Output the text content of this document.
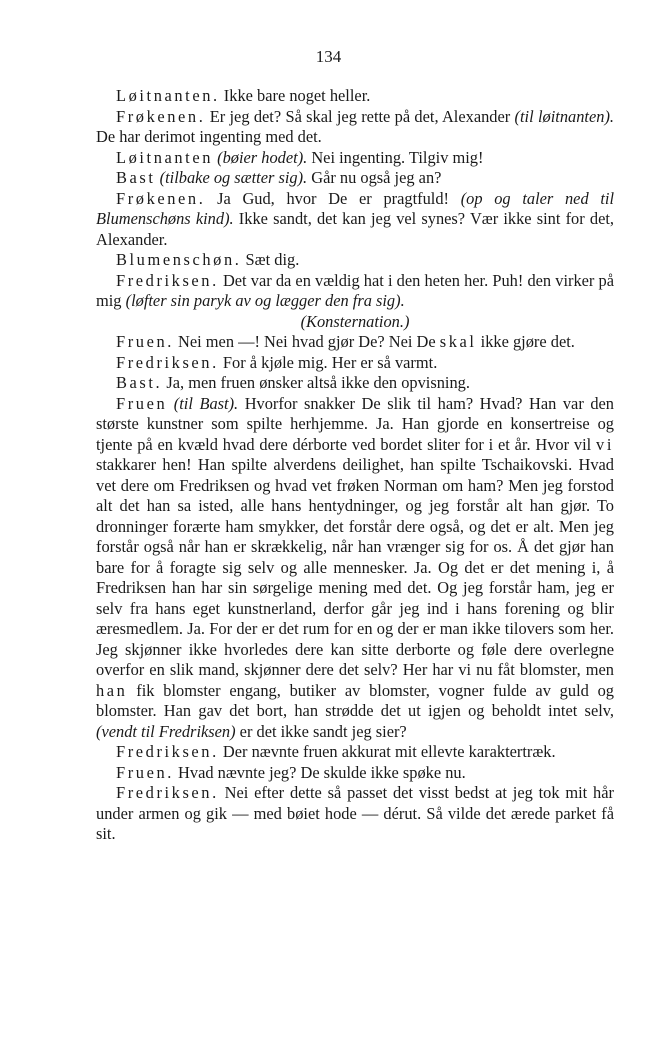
134

Løitnanten. Ikke bare noget heller.

Frøkenen. Er jeg det? Så skal jeg rette på det, Alexander (til løitnanten). De har derimot ingenting med det.

Løitnanten (bøier hodet). Nei ingenting. Tilgiv mig!

Bast (tilbake og sætter sig). Går nu også jeg an?

Frøkenen. Ja Gud, hvor De er pragtfuld! (op og taler ned til Blumenschøns kind). Ikke sandt, det kan jeg vel synes? Vær ikke sint for det, Alexander.

Blumenschøn. Sæt dig.

Fredriksen. Det var da en vældig hat i den heten her. Puh! den virker på mig (løfter sin paryk av og lægger den fra sig).

(Konsternation.)

Fruen. Nei men —! Nei hvad gjør De? Nei De skal ikke gjøre det.

Fredriksen. For å kjøle mig. Her er så varmt.

Bast. Ja, men fruen ønsker altså ikke den opvisning.

Fruen (til Bast). Hvorfor snakker De slik til ham? Hvad? Han var den største kunstner som spilte herhjemme. Ja. Han gjorde en konsertreise og tjente på en kvæld hvad dere dérborte ved bordet sliter for i et år. Hvor vil vi stakkarer hen! Han spilte alverdens deilighet, han spilte Tschaikovski. Hvad vet dere om Fredriksen og hvad vet frøken Norman om ham? Men jeg forstod alt det han sa isted, alle hans hentydninger, og jeg forstår alt han gjør. To dronninger forærte ham smykker, det forstår dere også, og det er alt. Men jeg forstår også når han er skrækkelig, når han vrænger sig for os. Å det gjør han bare for å foragte sig selv og alle mennesker. Ja. Og det er det mening i, å Fredriksen han har sin sørgelige mening med det. Og jeg forstår ham, jeg er selv fra hans eget kunstnerland, derfor går jeg ind i hans forening og blir æresmedlem. Ja. For der er det rum for en og der er man ikke tilovers som her. Jeg skjønner ikke hvorledes dere kan sitte derborte og føle dere overlegne overfor en slik mand, skjønner dere det selv? Her har vi nu fåt blomster, men han fik blomster engang, butiker av blomster, vogner fulde av guld og blomster. Han gav det bort, han strødde det ut igjen og beholdt intet selv, (vendt til Fredriksen) er det ikke sandt jeg sier?

Fredriksen. Der nævnte fruen akkurat mit ellevte karaktertræk.

Fruen. Hvad nævnte jeg? De skulde ikke spøke nu.

Fredriksen. Nei efter dette så passet det visst bedst at jeg tok mit hår under armen og gik — med bøiet hode — dérut. Så vilde det ærede parket få sit.
